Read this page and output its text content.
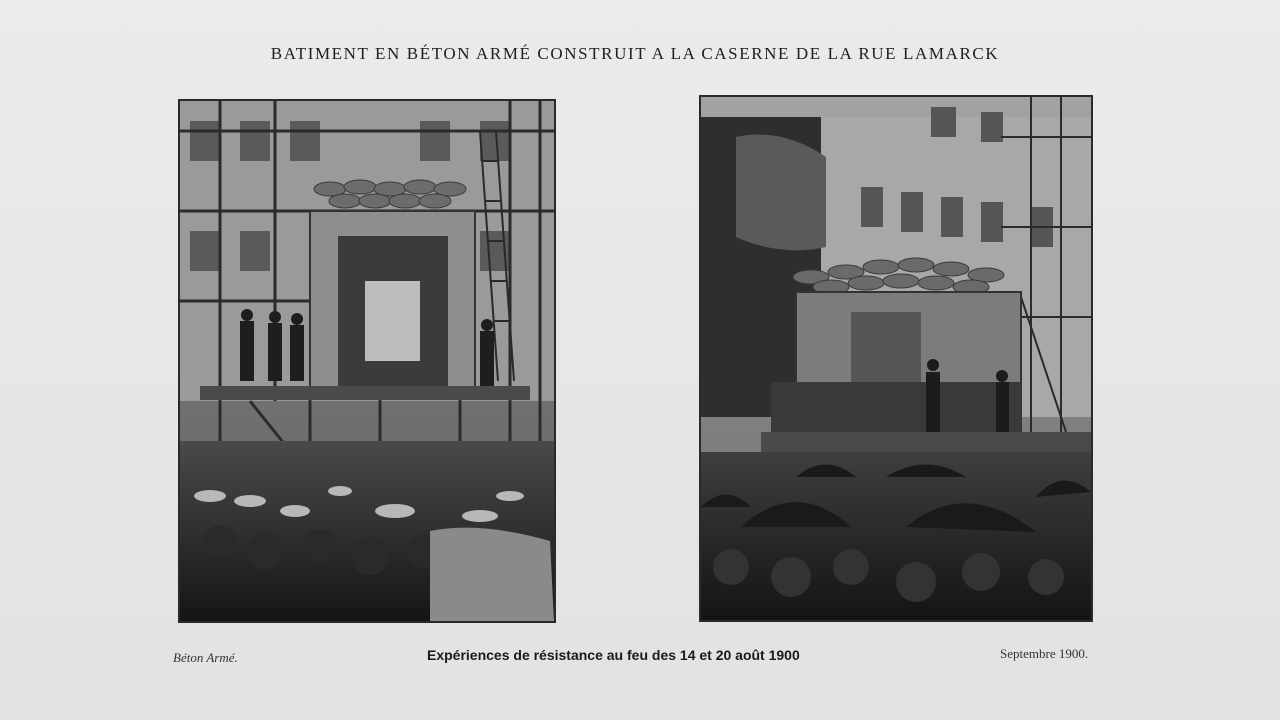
BATIMENT EN BÉTON ARMÉ CONSTRUIT A LA CASERNE DE LA RUE LAMARCK
Béton Armé.	Expériences de résistance au feu des 14 et 20 août 1900	Septembre 1900.
